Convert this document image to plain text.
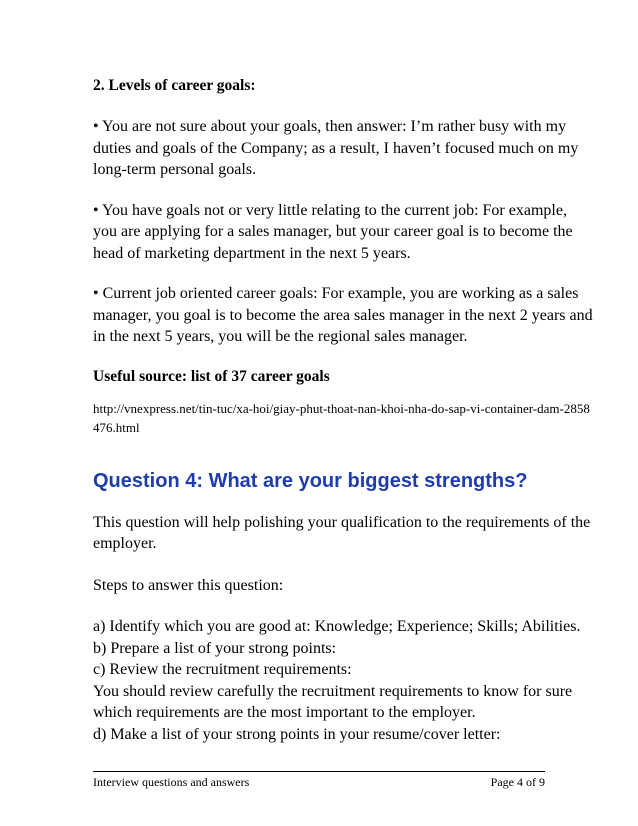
2. Levels of career goals:
• You are not sure about your goals, then answer: I’m rather busy with my duties and goals of the Company; as a result, I haven’t focused much on my long-term personal goals.
• You have goals not or very little relating to the current job: For example, you are applying for a sales manager, but your career goal is to become the head of marketing department in the next 5 years.
• Current job oriented career goals: For example, you are working as a sales manager, you goal is to become the area sales manager in the next 2 years and in the next 5 years, you will be the regional sales manager.
Useful source: list of 37 career goals
http://vnexpress.net/tin-tuc/xa-hoi/giay-phut-thoat-nan-khoi-nha-do-sap-vi-container-dam-2858476.html
Question 4: What are your biggest strengths?
This question will help polishing your qualification to the requirements of the employer.
Steps to answer this question:
a) Identify which you are good at: Knowledge; Experience; Skills; Abilities.
b) Prepare a list of your strong points:
c) Review the recruitment requirements:
You should review carefully the recruitment requirements to know for sure which requirements are the most important to the employer.
d) Make a list of your strong points in your resume/cover letter:
Interview questions and answers	Page 4 of 9
